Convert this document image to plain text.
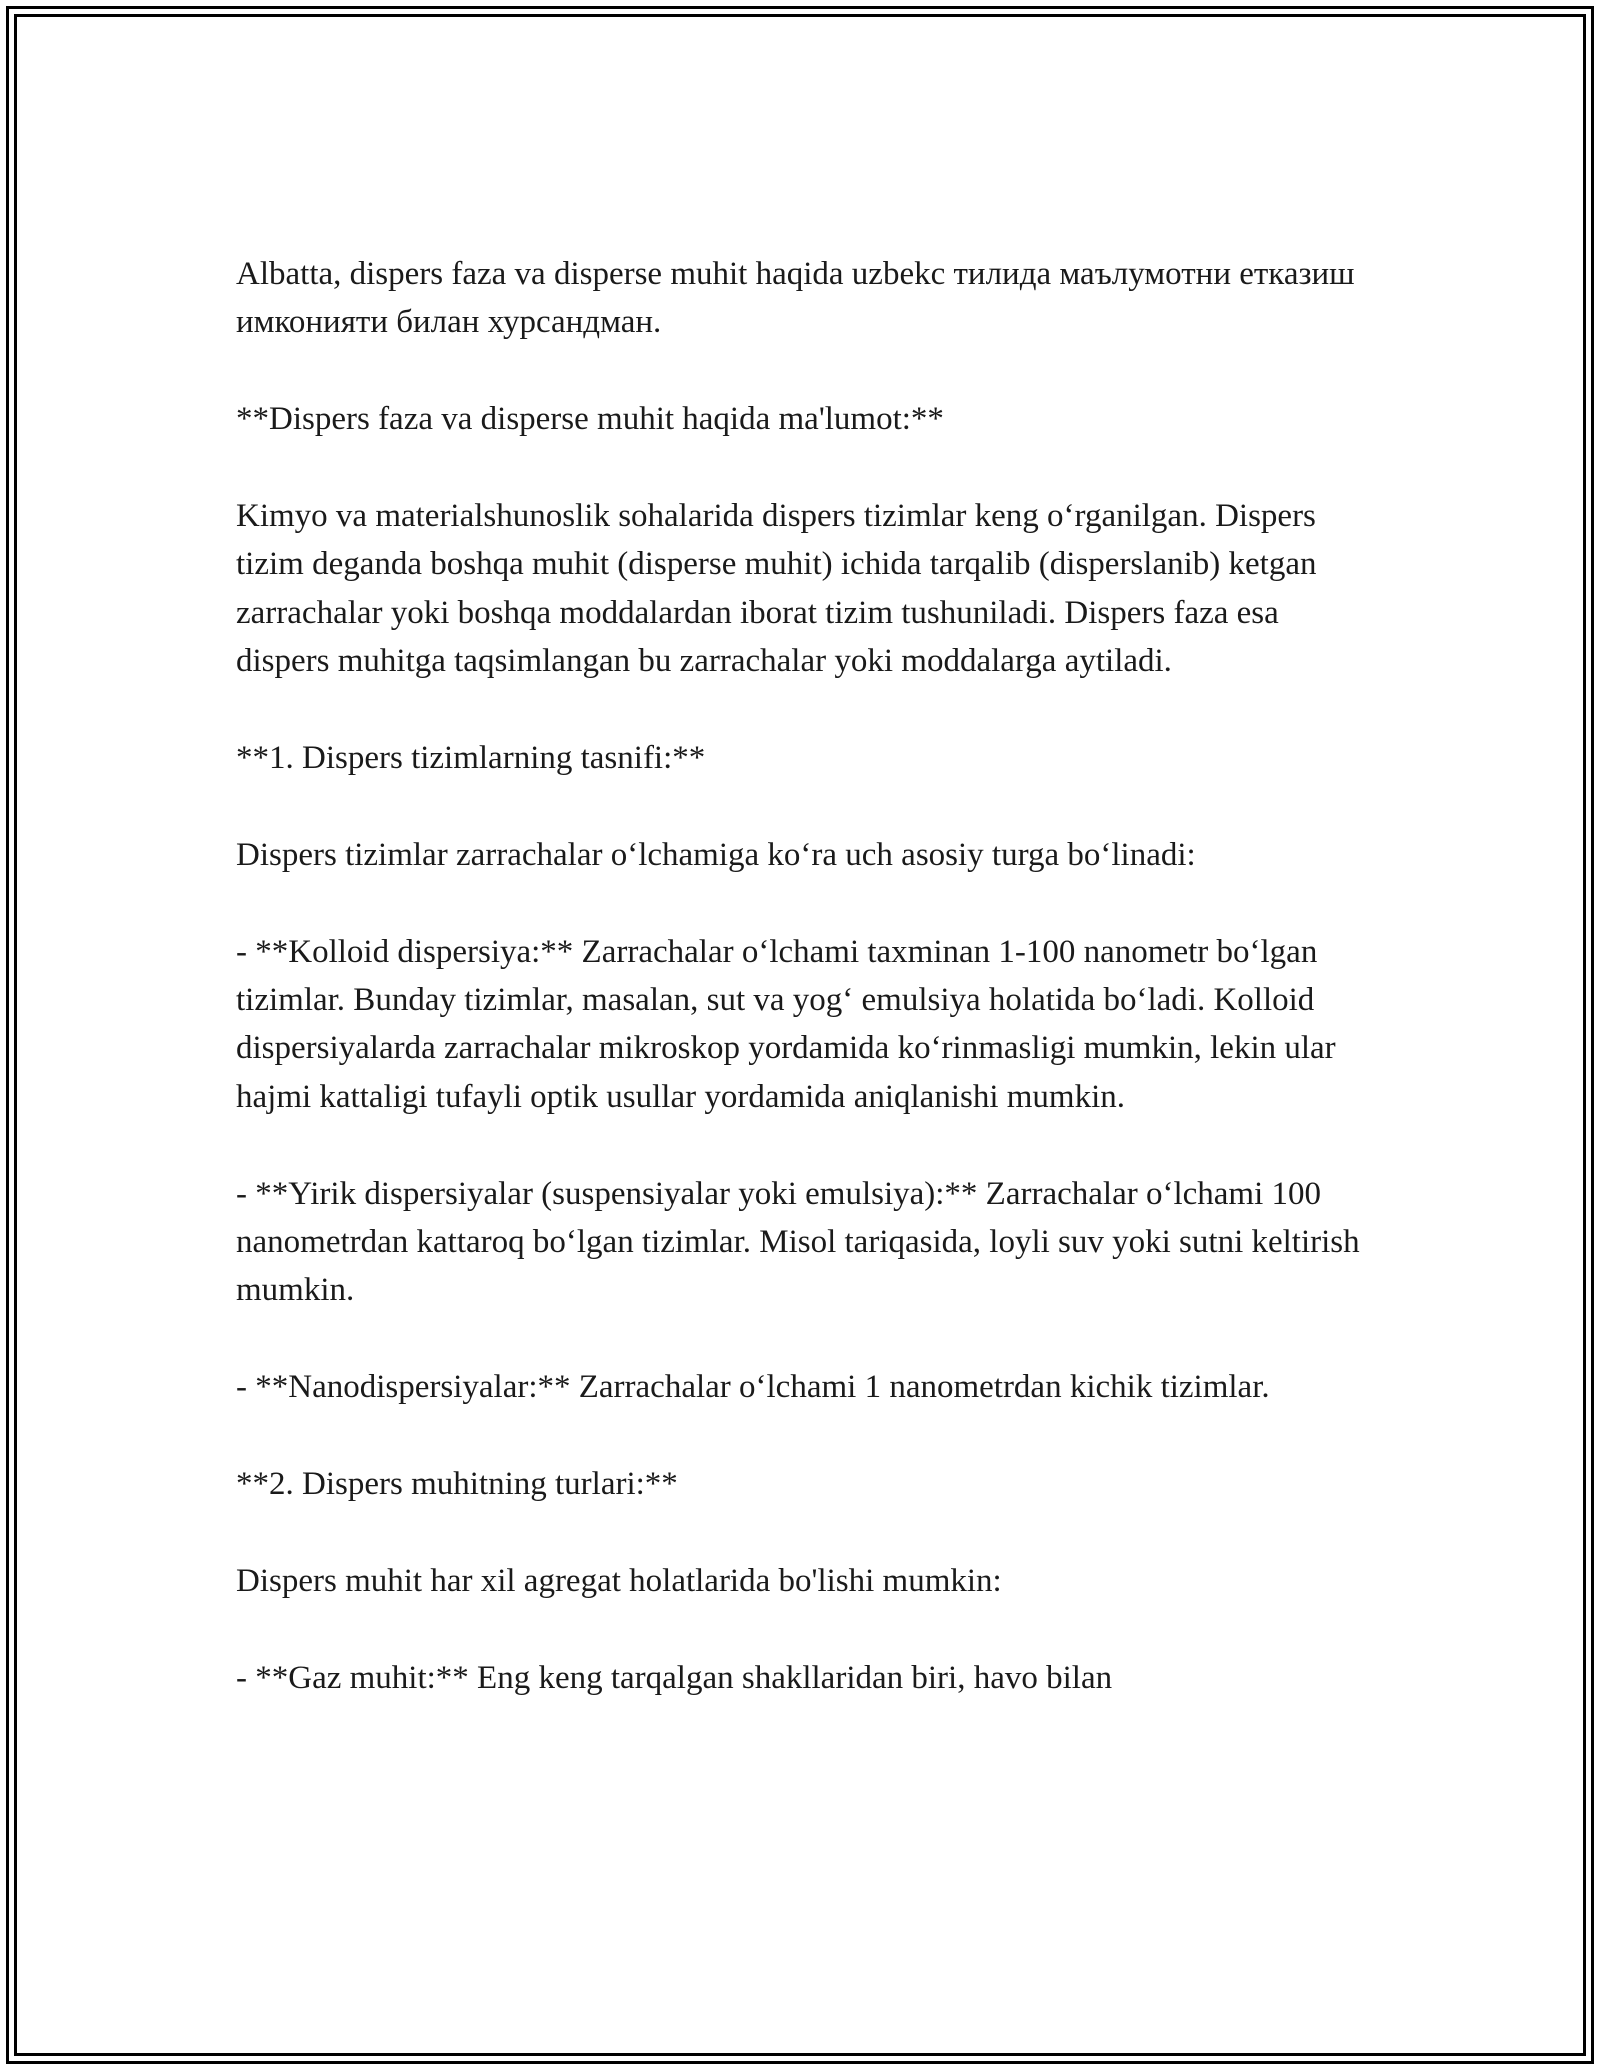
Albatta, dispers faza va disperse muhit haqida uzbekс тилида маълумотни етказиш имконияти билан хурсандман.

**Dispers faza va disperse muhit haqida ma'lumot:**

Kimyo va materialshunoslik sohalarida dispers tizimlar keng o‘rganilgan. Dispers tizim deganda boshqa muhit (disperse muhit) ichida tarqalib (disperslanib) ketgan zarrachalar yoki boshqa moddalardan iborat tizim tushuniladi. Dispers faza esa dispers muhitga taqsimlangan bu zarrachalar yoki moddalarga aytiladi.

**1. Dispers tizimlarning tasnifi:**

Dispers tizimlar zarrachalar o‘lchamiga ko‘ra uch asosiy turga bo‘linadi:

- **Kolloid dispersiya:** Zarrachalar o‘lchami taxminan 1-100 nanometr bo‘lgan tizimlar. Bunday tizimlar, masalan, sut va yog‘ emulsiya holatida bo‘ladi. Kolloid dispersiyalarda zarrachalar mikroskop yordamida ko‘rinmasligi mumkin, lekin ular hajmi kattaligi tufayli optik usullar yordamida aniqlanishi mumkin.

- **Yirik dispersiyalar (suspensiyalar yoki emulsiya):** Zarrachalar o‘lchami 100 nanometrdan kattaroq bo‘lgan tizimlar. Misol tariqasida, loyli suv yoki sutni keltirish mumkin.

- **Nanodispersiyalar:** Zarrachalar o‘lchami 1 nanometrdan kichik tizimlar.

**2. Dispers muhitning turlari:**

Dispers muhit har xil agregat holatlarida bo'lishi mumkin:

- **Gaz muhit:** Eng keng tarqalgan shakllaridan biri, havo bilan
